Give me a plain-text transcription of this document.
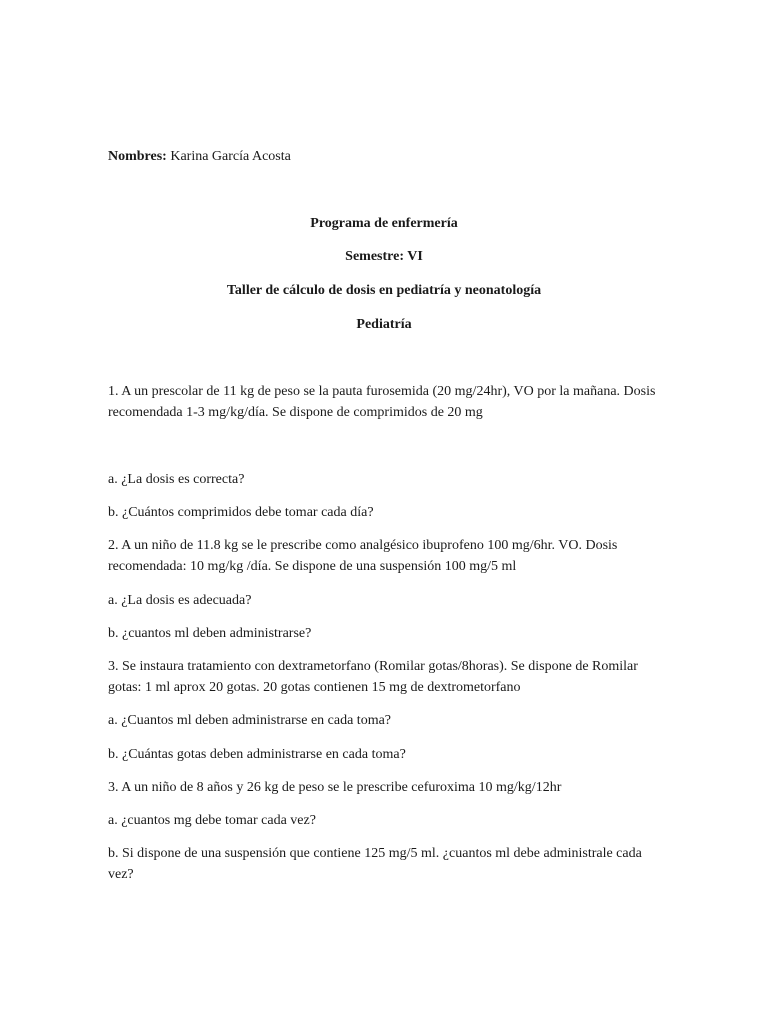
Nombres: Karina García Acosta
Programa de enfermería
Semestre: VI
Taller de cálculo de dosis en pediatría y neonatología
Pediatría
1. A un prescolar de 11 kg de peso se la pauta furosemida (20 mg/24hr), VO por la mañana. Dosis recomendada 1-3 mg/kg/día. Se dispone de comprimidos de 20 mg
a. ¿La dosis es correcta?
b. ¿Cuántos comprimidos debe tomar cada día?
2. A un niño de 11.8 kg se le prescribe como analgésico ibuprofeno 100 mg/6hr. VO. Dosis recomendada: 10 mg/kg /día. Se dispone de una suspensión 100 mg/5 ml
a. ¿La dosis es adecuada?
b. ¿cuantos ml deben administrarse?
3. Se instaura tratamiento con dextrametorfano (Romilar gotas/8horas). Se dispone de Romilar gotas: 1 ml aprox 20 gotas. 20 gotas contienen 15 mg de dextrometorfano
a. ¿Cuantos ml deben administrarse en cada toma?
b. ¿Cuántas gotas deben administrarse en cada toma?
3. A un niño de 8 años y 26 kg de peso se le prescribe cefuroxima 10 mg/kg/12hr
a. ¿cuantos mg debe tomar cada vez?
b. Si dispone de una suspensión que contiene 125 mg/5 ml. ¿cuantos ml debe administrale cada vez?
